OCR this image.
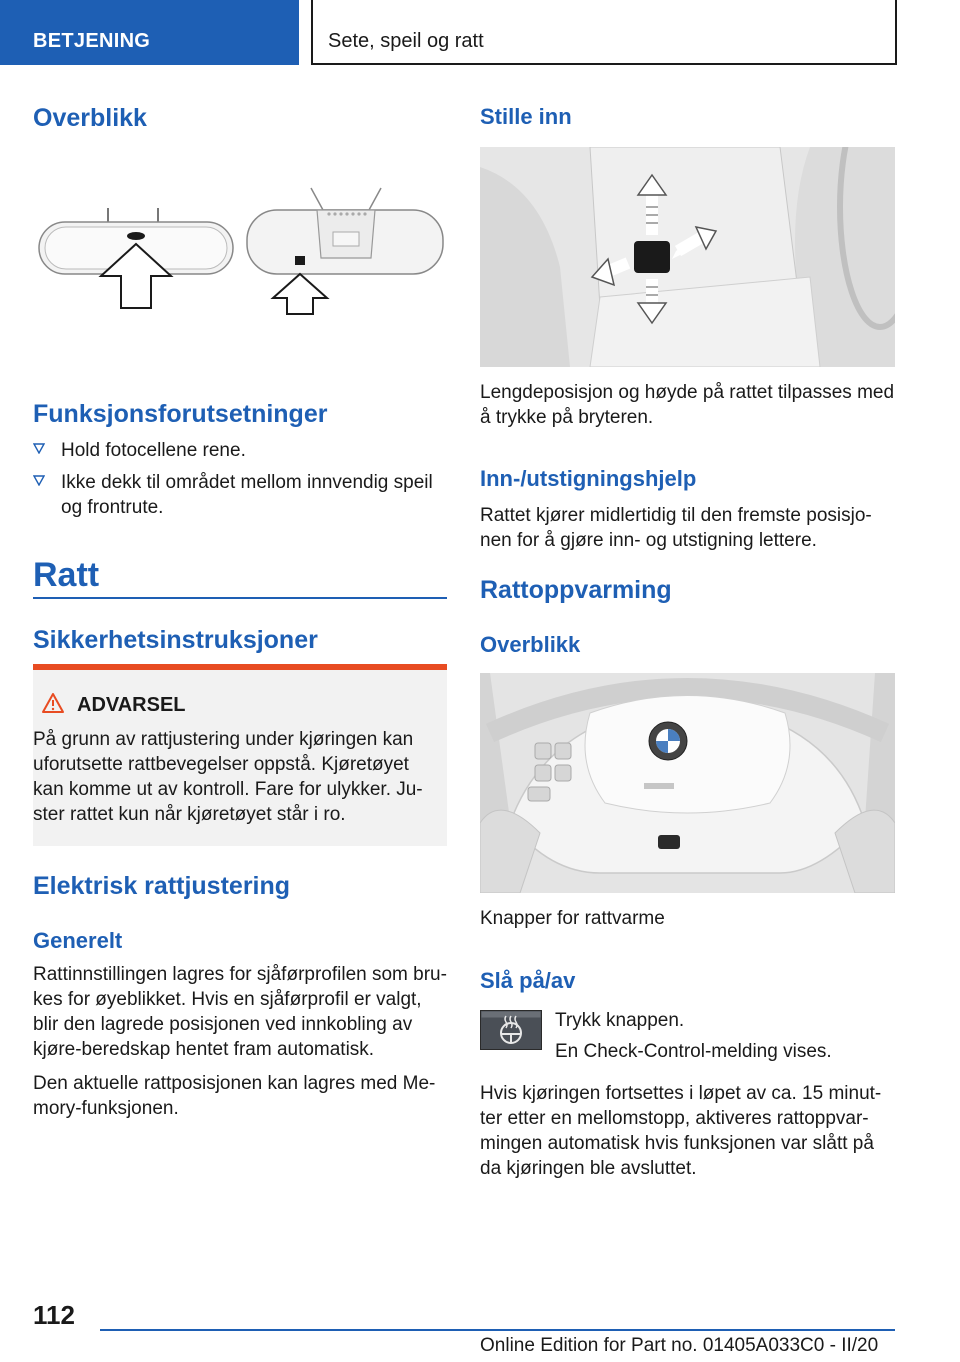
BETJENING	Sete, speil og ratt
Overblikk
Funksjonsforutsetninger
Hold fotocellene rene.
Ikke dekk til området mellom innvendig speil og frontrute.
Ratt
Sikkerhetsinstruksjoner
ADVARSEL
På grunn av rattjustering under kjøringen kan uforutsette rattbevegelser oppstå. Kjøretøyet kan komme ut av kontroll. Fare for ulykker. Ju-ster rattet kun når kjøretøyet står i ro.
Elektrisk rattjustering
Generelt
Rattinnstillingen lagres for sjåførprofilen som bru-kes for øyeblikket. Hvis en sjåførprofil er valgt, blir den lagrede posisjonen ved innkobling av kjøre-beredskap hentet fram automatisk.
Den aktuelle rattposisjonen kan lagres med Me-mory-funksjonen.
Stille inn
Lengdeposisjon og høyde på rattet tilpasses med å trykke på bryteren.
Inn-/utstigningshjelp
Rattet kjører midlertidig til den fremste posisjo-nen for å gjøre inn- og utstigning lettere.
Rattoppvarming
Overblikk
Knapper for rattvarme
Slå på/av
Trykk knappen.
En Check-Control-melding vises.
Hvis kjøringen fortsettes i løpet av ca. 15 minut-ter etter en mellomstopp, aktiveres rattoppvar-mingen automatisk hvis funksjonen var slått på da kjøringen ble avsluttet.
112
Online Edition for Part no. 01405A033C0 - II/20
